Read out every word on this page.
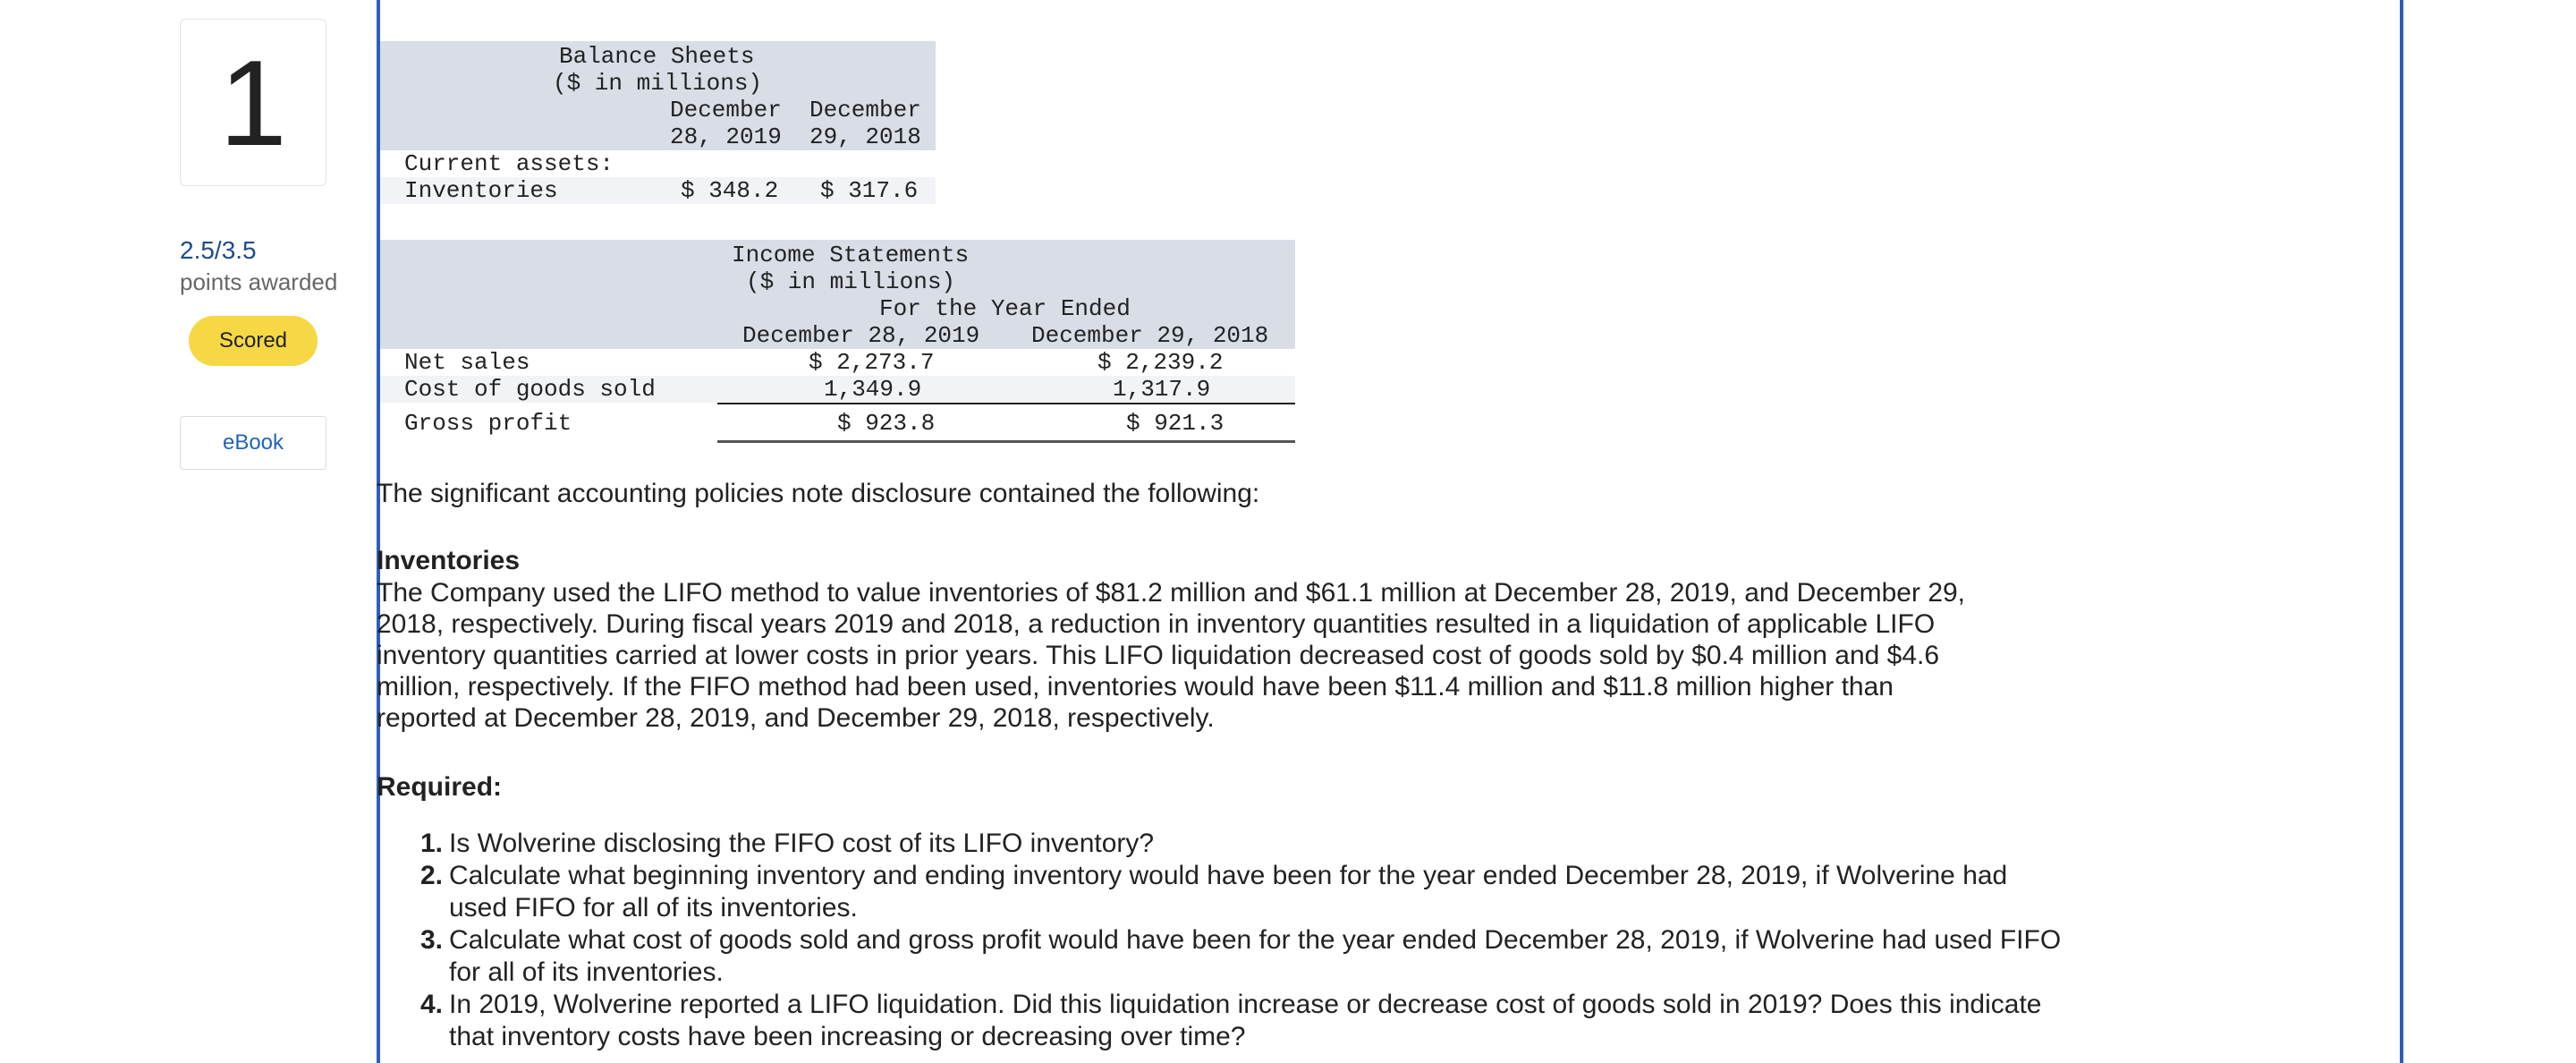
1
2.5/3.5
points awarded
Scored
eBook
Balance Sheets
($ in millions)
December December
28, 2019 29, 2018
Current assets:
Inventories	$ 348.2 $ 317.6
Income Statements
($ in millions)
For the Year Ended
December 28, 2019 December 29, 2018
Net sales	$ 2,273.7	$ 2,239.2
Cost of goods sold	1,349.9	1,317.9
Gross profit	$ 923.8	$ 921.3
The significant accounting policies note disclosure contained the following:
Inventories
The Company used the LIFO method to value inventories of $81.2 million and $61.1 million at December 28, 2019, and December 29,
2018, respectively. During fiscal years 2019 and 2018, a reduction in inventory quantities resulted in a liquidation of applicable LIFO
inventory quantities carried at lower costs in prior years. This LIFO liquidation decreased cost of goods sold by $0.4 million and $4.6
million, respectively. If the FIFO method had been used, inventories would have been $11.4 million and $11.8 million higher than
reported at December 28, 2019, and December 29, 2018, respectively.
Required:
1. Is Wolverine disclosing the FIFO cost of its LIFO inventory?
2. Calculate what beginning inventory and ending inventory would have been for the year ended December 28, 2019, if Wolverine had used FIFO for all of its inventories.
3. Calculate what cost of goods sold and gross profit would have been for the year ended December 28, 2019, if Wolverine had used FIFO for all of its inventories.
4. In 2019, Wolverine reported a LIFO liquidation. Did this liquidation increase or decrease cost of goods sold in 2019? Does this indicate that inventory costs have been increasing or decreasing over time?
